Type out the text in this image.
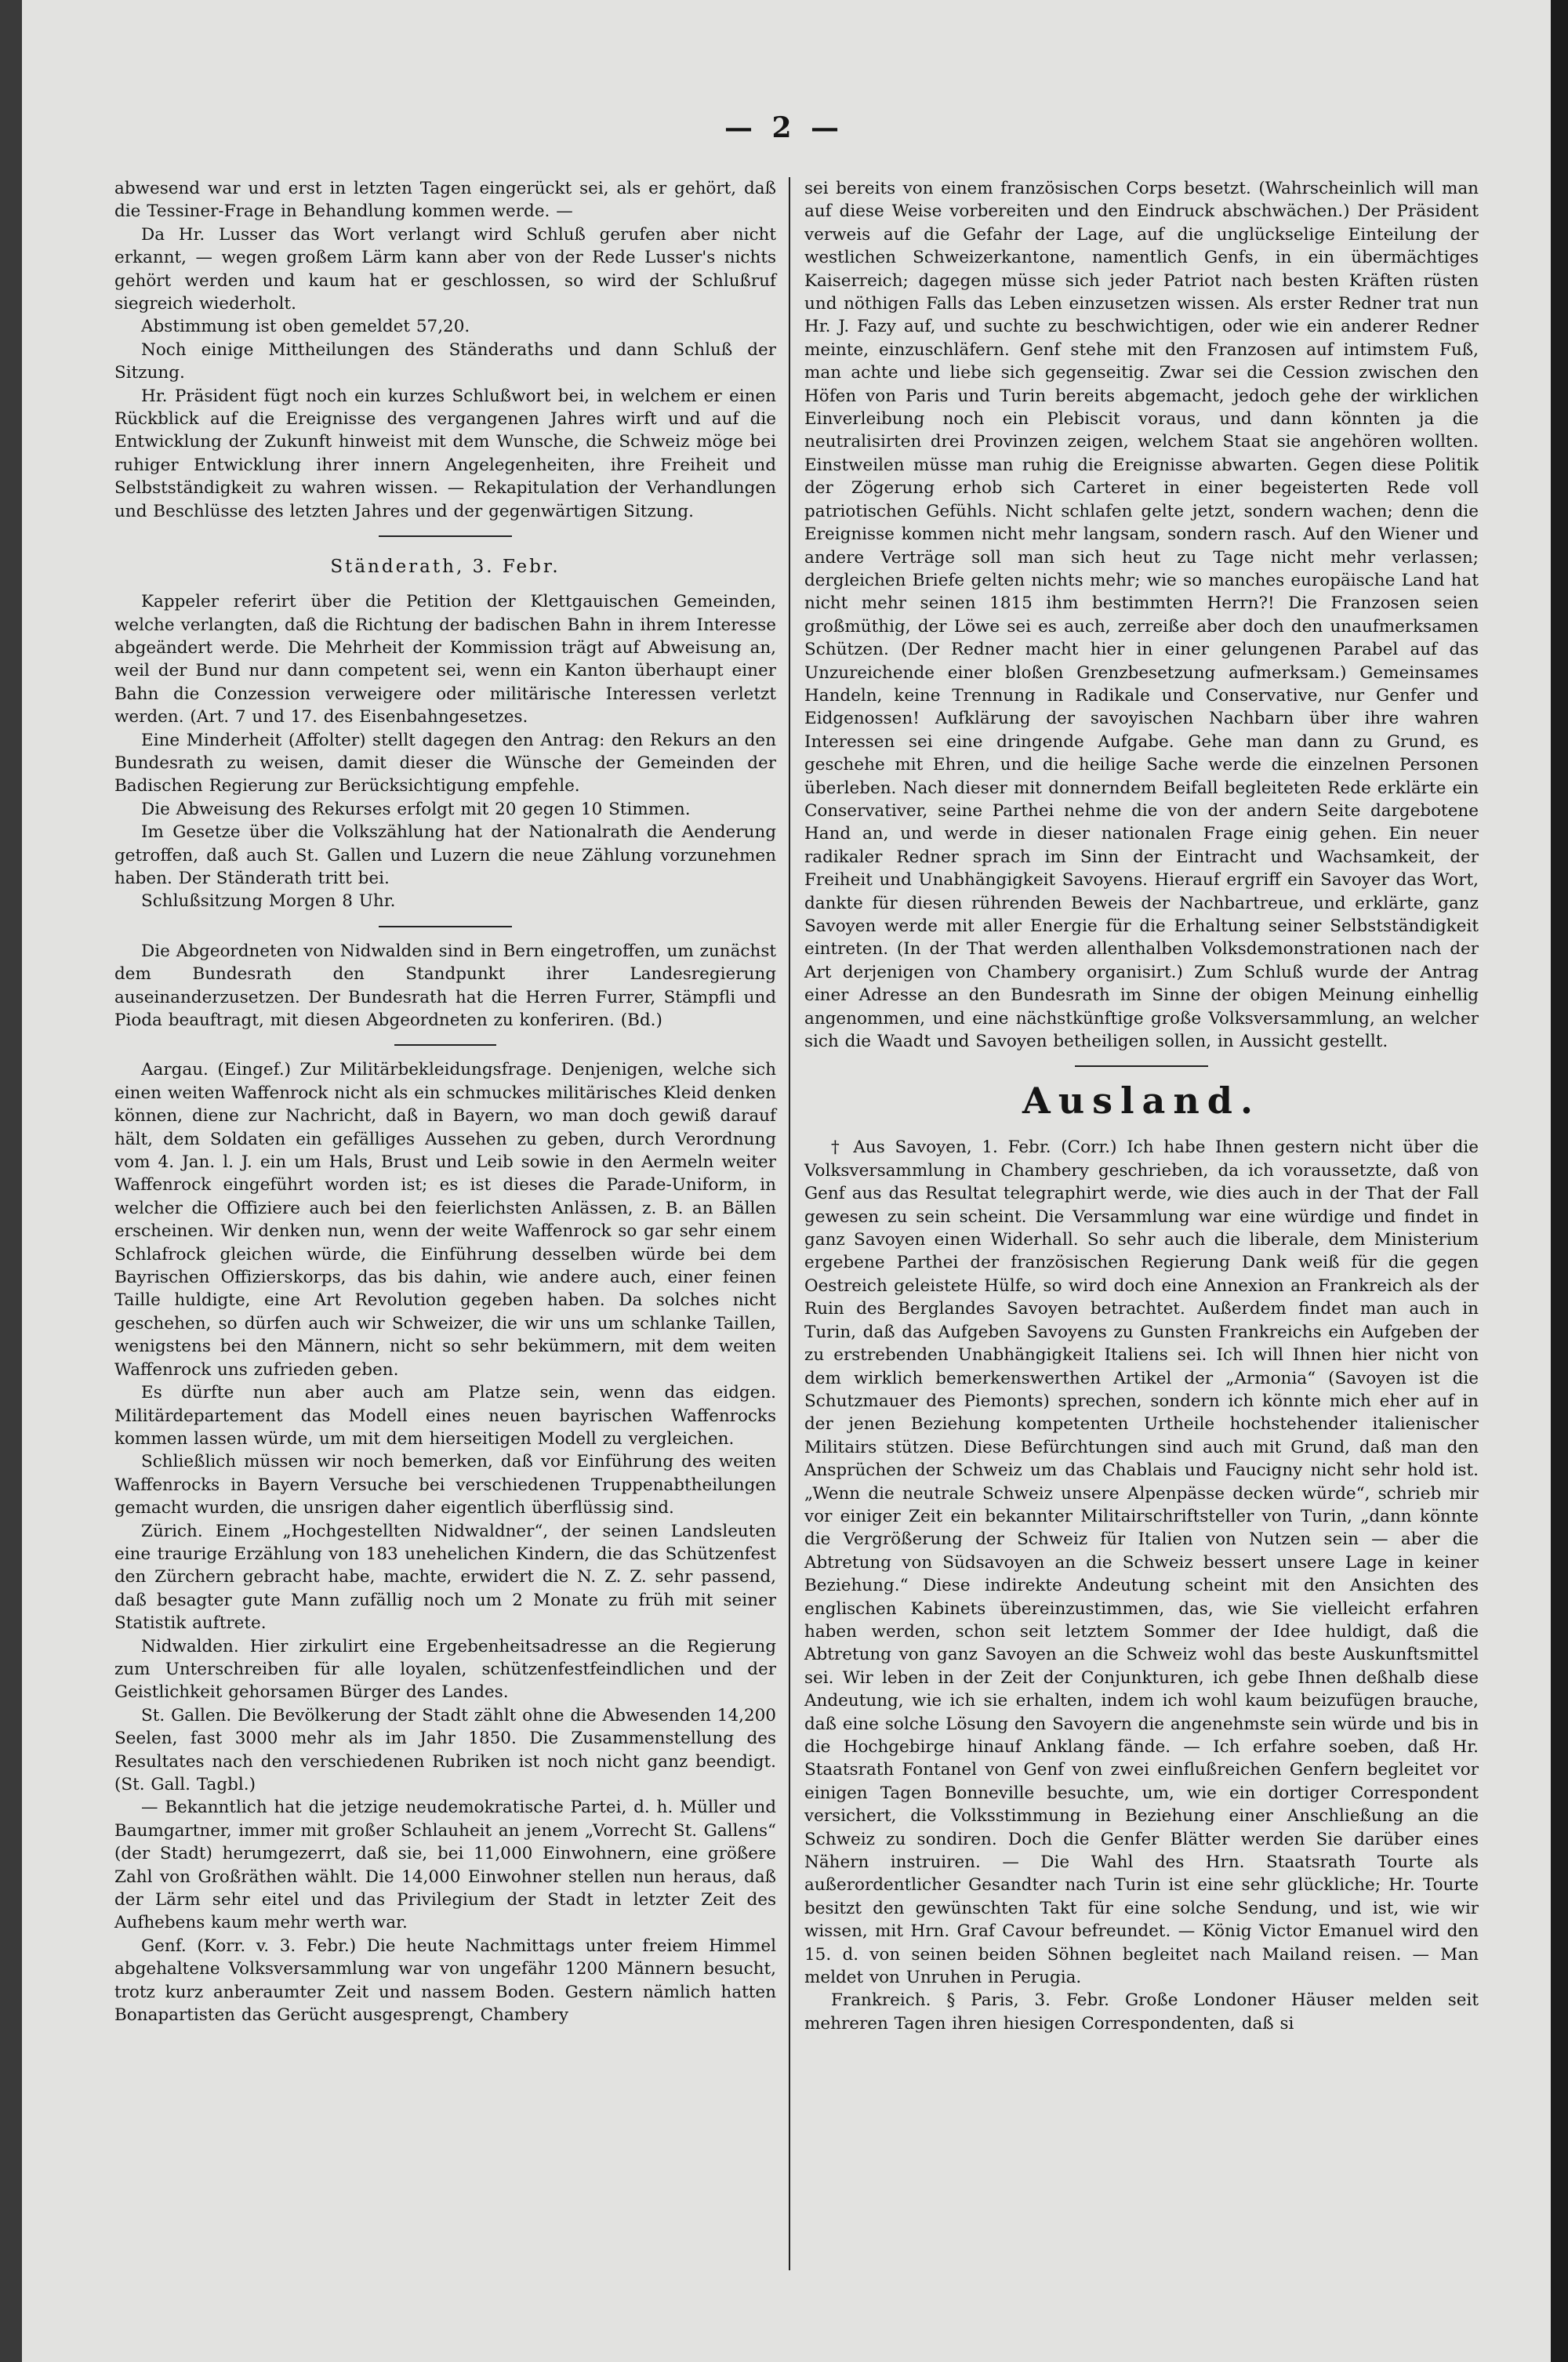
— 2 —

abwesend war und erst in letzten Tagen eingerückt sei, als er gehört, daß die Tessiner-Frage in Behandlung kommen werde. —

Da Hr. Lusser das Wort verlangt wird Schluß gerufen aber nicht erkannt, — wegen großem Lärm kann aber von der Rede Lusser's nichts gehört werden und kaum hat er geschlossen, so wird der Schlußruf siegreich wiederholt.

Abstimmung ist oben gemeldet 57,20.

Noch einige Mittheilungen des Ständeraths und dann Schluß der Sitzung.

Hr. Präsident fügt noch ein kurzes Schlußwort bei, in welchem er einen Rückblick auf die Ereignisse des vergangenen Jahres wirft und auf die Entwicklung der Zukunft hinweist mit dem Wunsche, die Schweiz möge bei ruhiger Entwicklung ihrer innern Angelegenheiten, ihre Freiheit und Selbstständigkeit zu wahren wissen. — Rekapitulation der Verhandlungen und Beschlüsse des letzten Jahres und der gegenwärtigen Sitzung.

Ständerath, 3. Febr.

Kappeler referirt über die Petition der Klettgauischen Gemeinden, welche verlangten, daß die Richtung der badischen Bahn in ihrem Interesse abgeändert werde. Die Mehrheit der Kommission trägt auf Abweisung an, weil der Bund nur dann competent sei, wenn ein Kanton überhaupt einer Bahn die Conzession verweigere oder militärische Interessen verletzt werden. (Art. 7 und 17. des Eisenbahngesetzes.

Eine Minderheit (Affolter) stellt dagegen den Antrag: den Rekurs an den Bundesrath zu weisen, damit dieser die Wünsche der Gemeinden der Badischen Regierung zur Berücksichtigung empfehle.

Die Abweisung des Rekurses erfolgt mit 20 gegen 10 Stimmen.

Im Gesetze über die Volkszählung hat der Nationalrath die Aenderung getroffen, daß auch St. Gallen und Luzern die neue Zählung vorzunehmen haben. Der Ständerath tritt bei.

Schlußsitzung Morgen 8 Uhr.

Die Abgeordneten von Nidwalden sind in Bern eingetroffen, um zunächst dem Bundesrath den Standpunkt ihrer Landesregierung auseinanderzusetzen. Der Bundesrath hat die Herren Furrer, Stämpfli und Pioda beauftragt, mit diesen Abgeordneten zu konferiren. (Bd.)

Aargau. (Eingef.) Zur Militärbekleidungsfrage. Denjenigen, welche sich einen weiten Waffenrock nicht als ein schmuckes militärisches Kleid denken können, diene zur Nachricht, daß in Bayern, wo man doch gewiß darauf hält, dem Soldaten ein gefälliges Aussehen zu geben, durch Verordnung vom 4. Jan. l. J. ein um Hals, Brust und Leib sowie in den Aermeln weiter Waffenrock eingeführt worden ist; es ist dieses die Parade-Uniform, in welcher die Offiziere auch bei den feierlichsten Anlässen, z. B. an Bällen erscheinen. Wir denken nun, wenn der weite Waffenrock so gar sehr einem Schlafrock gleichen würde, die Einführung desselben würde bei dem Bayrischen Offizierskorps, das bis dahin, wie andere auch, einer feinen Taille huldigte, eine Art Revolution gegeben haben. Da solches nicht geschehen, so dürfen auch wir Schweizer, die wir uns um schlanke Taillen, wenigstens bei den Männern, nicht so sehr bekümmern, mit dem weiten Waffenrock uns zufrieden geben.

Es dürfte nun aber auch am Platze sein, wenn das eidgen. Militärdepartement das Modell eines neuen bayrischen Waffenrocks kommen lassen würde, um mit dem hierseitigen Modell zu vergleichen.

Schließlich müssen wir noch bemerken, daß vor Einführung des weiten Waffenrocks in Bayern Versuche bei verschiedenen Truppenabtheilungen gemacht wurden, die unsrigen daher eigentlich überflüssig sind.

Zürich. Einem „Hochgestellten Nidwaldner“, der seinen Landsleuten eine traurige Erzählung von 183 unehelichen Kindern, die das Schützenfest den Zürchern gebracht habe, machte, erwidert die N. Z. Z. sehr passend, daß besagter gute Mann zufällig noch um 2 Monate zu früh mit seiner Statistik auftrete.

Nidwalden. Hier zirkulirt eine Ergebenheitsadresse an die Regierung zum Unterschreiben für alle loyalen, schützenfestfeindlichen und der Geistlichkeit gehorsamen Bürger des Landes.

St. Gallen. Die Bevölkerung der Stadt zählt ohne die Abwesenden 14,200 Seelen, fast 3000 mehr als im Jahr 1850. Die Zusammenstellung des Resultates nach den verschiedenen Rubriken ist noch nicht ganz beendigt. (St. Gall. Tagbl.)

— Bekanntlich hat die jetzige neudemokratische Partei, d. h. Müller und Baumgartner, immer mit großer Schlauheit an jenem „Vorrecht St. Gallens“ (der Stadt) herumgezerrt, daß sie, bei 11,000 Einwohnern, eine größere Zahl von Großräthen wählt. Die 14,000 Einwohner stellen nun heraus, daß der Lärm sehr eitel und das Privilegium der Stadt in letzter Zeit des Aufhebens kaum mehr werth war.

Genf. (Korr. v. 3. Febr.) Die heute Nachmittags unter freiem Himmel abgehaltene Volksversammlung war von ungefähr 1200 Männern besucht, trotz kurz anberaumter Zeit und nassem Boden. Gestern nämlich hatten Bonapartisten das Gerücht ausgesprengt, Chambery

sei bereits von einem französischen Corps besetzt. (Wahrscheinlich will man auf diese Weise vorbereiten und den Eindruck abschwächen.) Der Präsident verweis auf die Gefahr der Lage, auf die unglückselige Einteilung der westlichen Schweizerkantone, namentlich Genfs, in ein übermächtiges Kaiserreich; dagegen müsse sich jeder Patriot nach besten Kräften rüsten und nöthigen Falls das Leben einzusetzen wissen. Als erster Redner trat nun Hr. J. Fazy auf, und suchte zu beschwichtigen, oder wie ein anderer Redner meinte, einzuschläfern. Genf stehe mit den Franzosen auf intimstem Fuß, man achte und liebe sich gegenseitig. Zwar sei die Cession zwischen den Höfen von Paris und Turin bereits abgemacht, jedoch gehe der wirklichen Einverleibung noch ein Plebiscit voraus, und dann könnten ja die neutralisirten drei Provinzen zeigen, welchem Staat sie angehören wollten. Einstweilen müsse man ruhig die Ereignisse abwarten. Gegen diese Politik der Zögerung erhob sich Carteret in einer begeisterten Rede voll patriotischen Gefühls. Nicht schlafen gelte jetzt, sondern wachen; denn die Ereignisse kommen nicht mehr langsam, sondern rasch. Auf den Wiener und andere Verträge soll man sich heut zu Tage nicht mehr verlassen; dergleichen Briefe gelten nichts mehr; wie so manches europäische Land hat nicht mehr seinen 1815 ihm bestimmten Herrn?! Die Franzosen seien großmüthig, der Löwe sei es auch, zerreiße aber doch den unaufmerksamen Schützen. (Der Redner macht hier in einer gelungenen Parabel auf das Unzureichende einer bloßen Grenzbesetzung aufmerksam.) Gemeinsames Handeln, keine Trennung in Radikale und Conservative, nur Genfer und Eidgenossen! Aufklärung der savoyischen Nachbarn über ihre wahren Interessen sei eine dringende Aufgabe. Gehe man dann zu Grund, es geschehe mit Ehren, und die heilige Sache werde die einzelnen Personen überleben. Nach dieser mit donnerndem Beifall begleiteten Rede erklärte ein Conservativer, seine Parthei nehme die von der andern Seite dargebotene Hand an, und werde in dieser nationalen Frage einig gehen. Ein neuer radikaler Redner sprach im Sinn der Eintracht und Wachsamkeit, der Freiheit und Unabhängigkeit Savoyens. Hierauf ergriff ein Savoyer das Wort, dankte für diesen rührenden Beweis der Nachbartreue, und erklärte, ganz Savoyen werde mit aller Energie für die Erhaltung seiner Selbstständigkeit eintreten. (In der That werden allenthalben Volksdemonstrationen nach der Art derjenigen von Chambery organisirt.) Zum Schluß wurde der Antrag einer Adresse an den Bundesrath im Sinne der obigen Meinung einhellig angenommen, und eine nächstkünftige große Volksversammlung, an welcher sich die Waadt und Savoyen betheiligen sollen, in Aussicht gestellt.

Ausland.

† Aus Savoyen, 1. Febr. (Corr.) Ich habe Ihnen gestern nicht über die Volksversammlung in Chambery geschrieben, da ich voraussetzte, daß von Genf aus das Resultat telegraphirt werde, wie dies auch in der That der Fall gewesen zu sein scheint. Die Versammlung war eine würdige und findet in ganz Savoyen einen Widerhall. So sehr auch die liberale, dem Ministerium ergebene Parthei der französischen Regierung Dank weiß für die gegen Oestreich geleistete Hülfe, so wird doch eine Annexion an Frankreich als der Ruin des Berglandes Savoyen betrachtet. Außerdem findet man auch in Turin, daß das Aufgeben Savoyens zu Gunsten Frankreichs ein Aufgeben der zu erstrebenden Unabhängigkeit Italiens sei. Ich will Ihnen hier nicht von dem wirklich bemerkenswerthen Artikel der „Armonia“ (Savoyen ist die Schutzmauer des Piemonts) sprechen, sondern ich könnte mich eher auf in der jenen Beziehung kompetenten Urtheile hochstehender italienischer Militairs stützen. Diese Befürchtungen sind auch mit Grund, daß man den Ansprüchen der Schweiz um das Chablais und Faucigny nicht sehr hold ist. „Wenn die neutrale Schweiz unsere Alpenpässe decken würde“, schrieb mir vor einiger Zeit ein bekannter Militairschriftsteller von Turin, „dann könnte die Vergrößerung der Schweiz für Italien von Nutzen sein — aber die Abtretung von Südsavoyen an die Schweiz bessert unsere Lage in keiner Beziehung.“ Diese indirekte Andeutung scheint mit den Ansichten des englischen Kabinets übereinzustimmen, das, wie Sie vielleicht erfahren haben werden, schon seit letztem Sommer der Idee huldigt, daß die Abtretung von ganz Savoyen an die Schweiz wohl das beste Auskunftsmittel sei. Wir leben in der Zeit der Conjunkturen, ich gebe Ihnen deßhalb diese Andeutung, wie ich sie erhalten, indem ich wohl kaum beizufügen brauche, daß eine solche Lösung den Savoyern die angenehmste sein würde und bis in die Hochgebirge hinauf Anklang fände. — Ich erfahre soeben, daß Hr. Staatsrath Fontanel von Genf von zwei einflußreichen Genfern begleitet vor einigen Tagen Bonneville besuchte, um, wie ein dortiger Correspondent versichert, die Volksstimmung in Beziehung einer Anschließung an die Schweiz zu sondiren. Doch die Genfer Blätter werden Sie darüber eines Nähern instruiren. — Die Wahl des Hrn. Staatsrath Tourte als außerordentlicher Gesandter nach Turin ist eine sehr glückliche; Hr. Tourte besitzt den gewünschten Takt für eine solche Sendung, und ist, wie wir wissen, mit Hrn. Graf Cavour befreundet. — König Victor Emanuel wird den 15. d. von seinen beiden Söhnen begleitet nach Mailand reisen. — Man meldet von Unruhen in Perugia.

Frankreich. § Paris, 3. Febr. Große Londoner Häuser melden seit mehreren Tagen ihren hiesigen Correspondenten, daß si
